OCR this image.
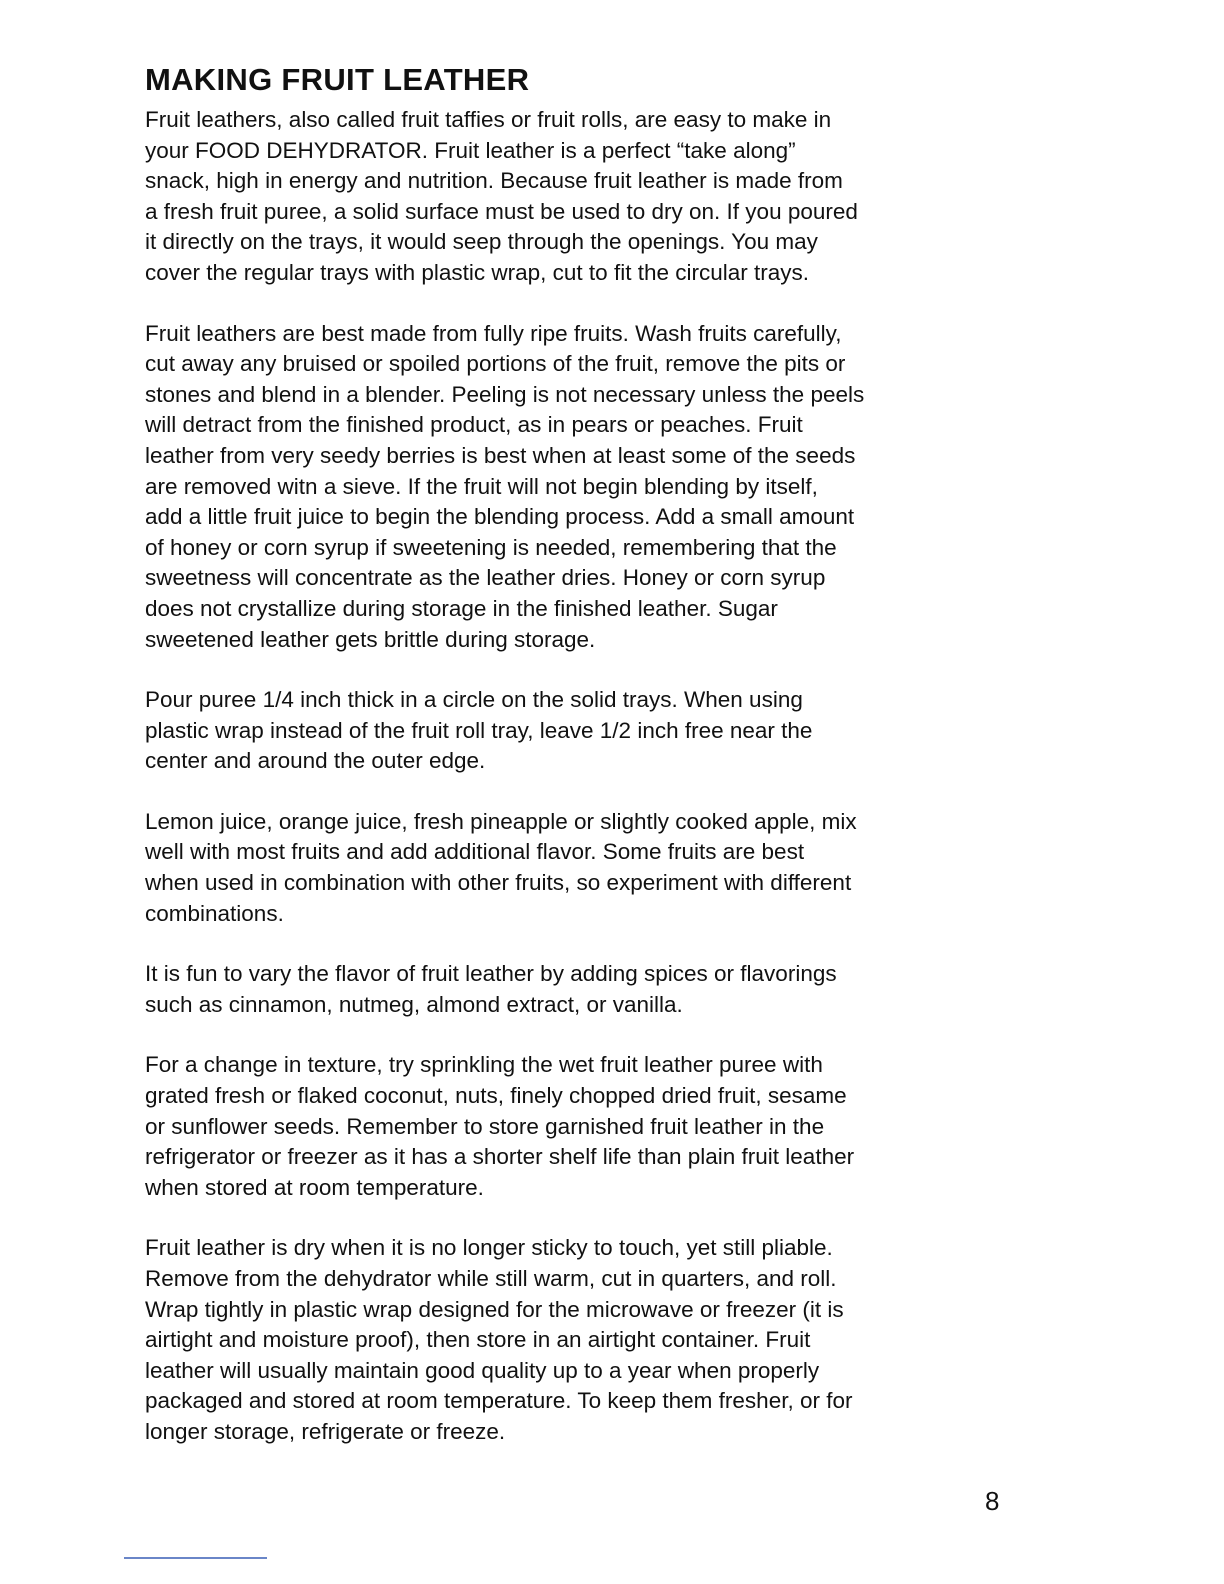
MAKING FRUIT LEATHER

Fruit leathers, also called fruit taffies or fruit rolls, are easy to make in
your FOOD DEHYDRATOR. Fruit leather is a perfect “take along”
snack, high in energy and nutrition. Because fruit leather is made from
a fresh fruit puree, a solid surface must be used to dry on. If you poured
it directly on the trays, it would seep through the openings. You may
cover the regular trays with plastic wrap, cut to fit the circular trays.

Fruit leathers are best made from fully ripe fruits. Wash fruits carefully,
cut away any bruised or spoiled portions of the fruit, remove the pits or
stones and blend in a blender. Peeling is not necessary unless the peels
will detract from the finished product, as in pears or peaches. Fruit
leather from very seedy berries is best when at least some of the seeds
are removed witn a sieve. If the fruit will not begin blending by itself,
add a little fruit juice to begin the blending process. Add a small amount
of honey or corn syrup if sweetening is needed, remembering that the
sweetness will concentrate as the leather dries. Honey or corn syrup
does not crystallize during storage in the finished leather. Sugar
sweetened leather gets brittle during storage.

Pour puree 1/4 inch thick in a circle on the solid trays. When using
plastic wrap instead of the fruit roll tray, leave 1/2 inch free near the
center and around the outer edge.

Lemon juice, orange juice, fresh pineapple or slightly cooked apple, mix
well with most fruits and add additional flavor. Some fruits are best
when used in combination with other fruits, so experiment with different
combinations.

It is fun to vary the flavor of fruit leather by adding spices or flavorings
such as cinnamon, nutmeg, almond extract, or vanilla.

For a change in texture, try sprinkling the wet fruit leather puree with
grated fresh or flaked coconut, nuts, finely chopped dried fruit, sesame
or sunflower seeds. Remember to store garnished fruit leather in the
refrigerator or freezer as it has a shorter shelf life than plain fruit leather
when stored at room temperature.

Fruit leather is dry when it is no longer sticky to touch, yet still pliable.
Remove from the dehydrator while still warm, cut in quarters, and roll.
Wrap tightly in plastic wrap designed for the microwave or freezer (it is
airtight and moisture proof), then store in an airtight container. Fruit
leather will usually maintain good quality up to a year when properly
packaged and stored at room temperature. To keep them fresher, or for
longer storage, refrigerate or freeze.

8
